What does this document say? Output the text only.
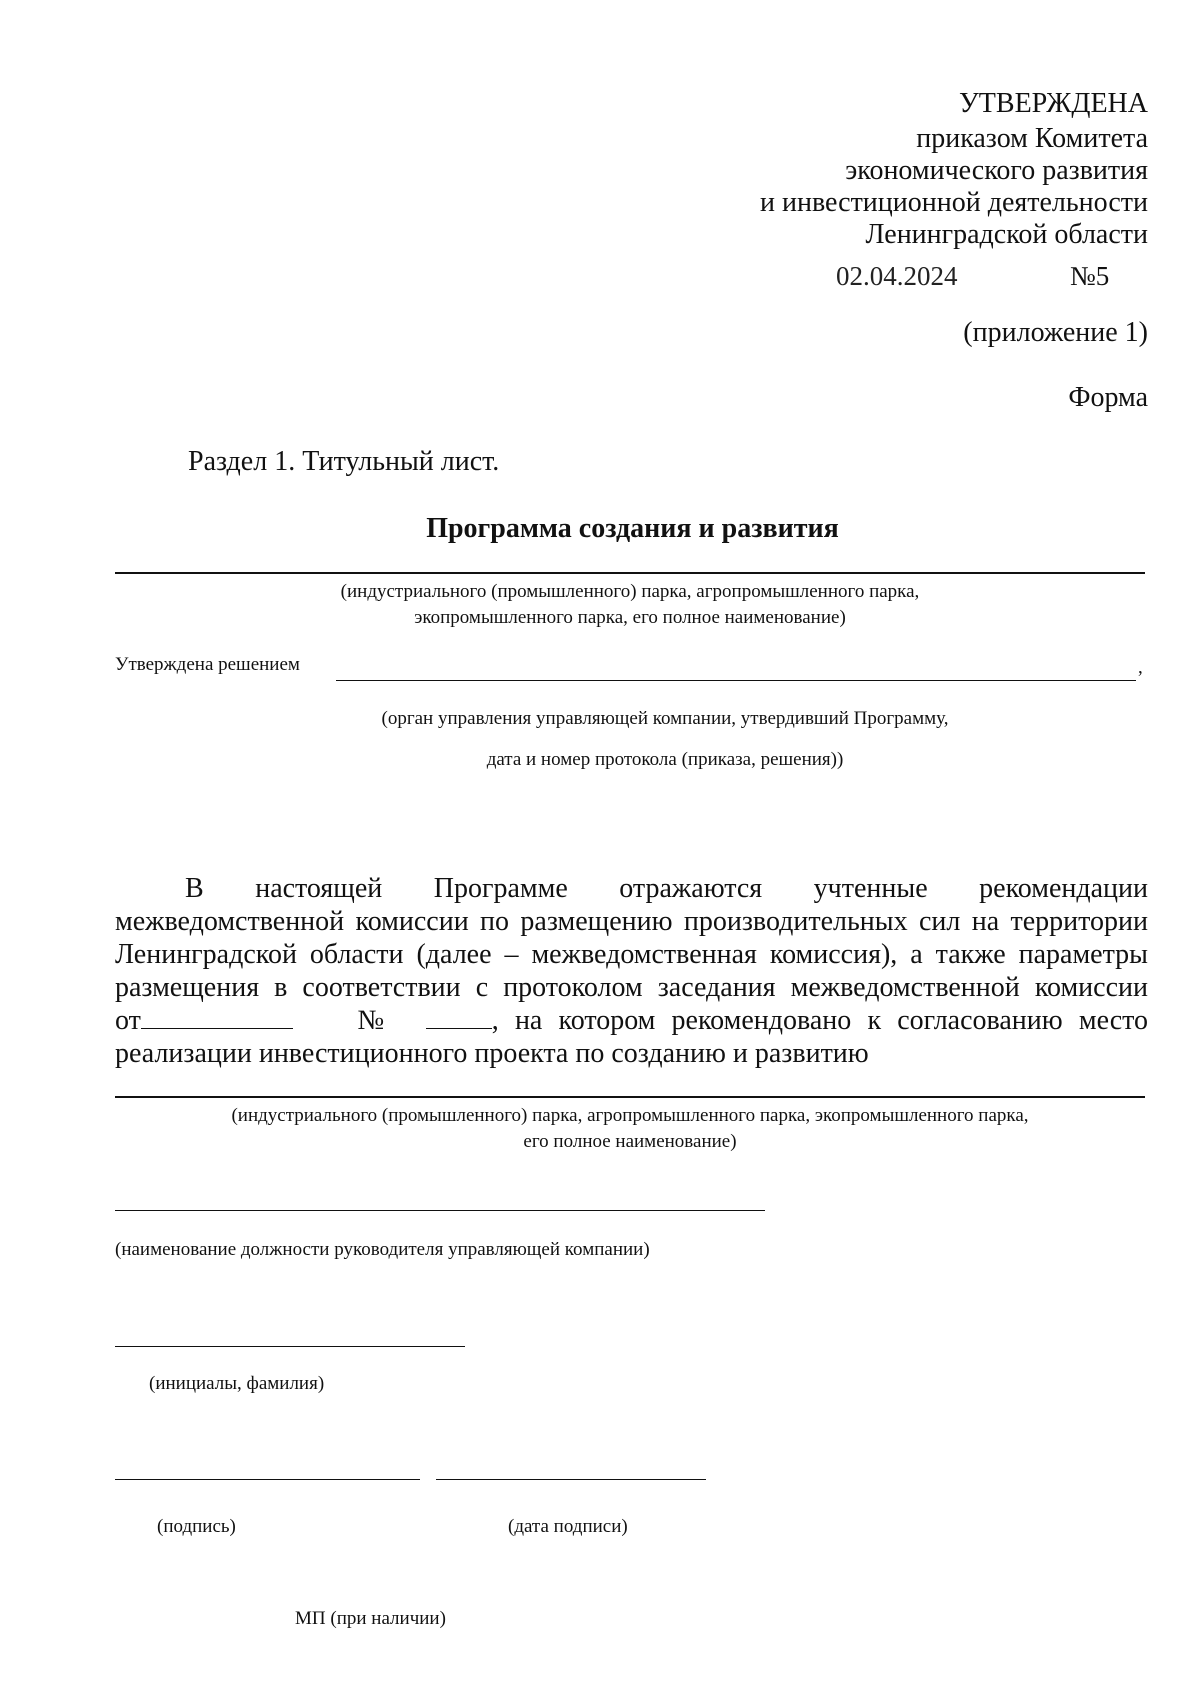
УТВЕРЖДЕНА
приказом Комитета
экономического развития
и инвестиционной деятельности
Ленинградской области
02.04.2024	№5
(приложение 1)
Форма
Раздел 1. Титульный лист.
Программа создания и развития
(индустриального (промышленного) парка, агропромышленного парка,
экопромышленного парка, его полное наименование)
Утверждена решением	,
(орган управления управляющей компании, утвердивший Программу,
дата и номер протокола (приказа, решения))
В настоящей Программе отражаются учтенные рекомендации
межведомственной комиссии по размещению производительных сил на территории
Ленинградской области (далее – межведомственная комиссия), а также параметры
размещения в соответствии с протоколом заседания межведомственной комиссии
от	№	, на котором рекомендовано к согласованию место
реализации инвестиционного проекта по созданию и развитию
(индустриального (промышленного) парка, агропромышленного парка, экопромышленного парка,
его полное наименование)
(наименование должности руководителя управляющей компании)
(инициалы, фамилия)
(подпись)	(дата подписи)
МП (при наличии)
